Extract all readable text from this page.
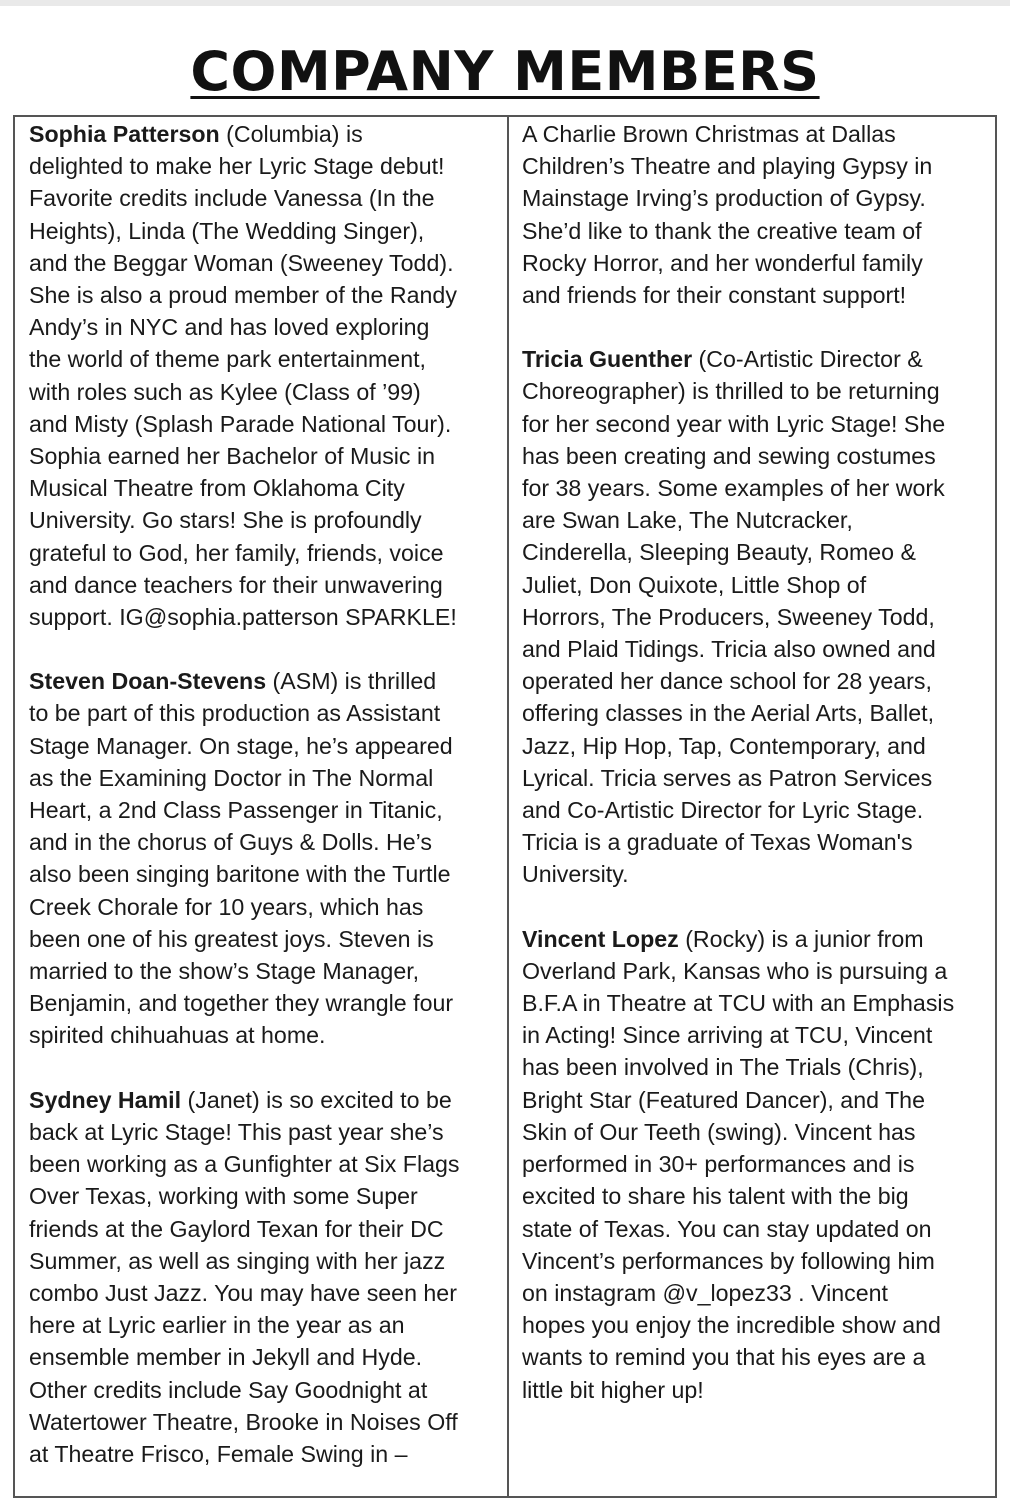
COMPANY MEMBERS
Sophia Patterson (Columbia) is
delighted to make her Lyric Stage debut!
Favorite credits include Vanessa (In the
Heights), Linda (The Wedding Singer),
and the Beggar Woman (Sweeney Todd).
She is also a proud member of the Randy
Andy’s in NYC and has loved exploring
the world of theme park entertainment,
with roles such as Kylee (Class of ’99)
and Misty (Splash Parade National Tour).
Sophia earned her Bachelor of Music in
Musical Theatre from Oklahoma City
University. Go stars! She is profoundly
grateful to God, her family, friends, voice
and dance teachers for their unwavering
support. IG@sophia.patterson SPARKLE!
Steven Doan-Stevens (ASM) is thrilled
to be part of this production as Assistant
Stage Manager. On stage, he’s appeared
as the Examining Doctor in The Normal
Heart, a 2nd Class Passenger in Titanic,
and in the chorus of Guys & Dolls. He’s
also been singing baritone with the Turtle
Creek Chorale for 10 years, which has
been one of his greatest joys. Steven is
married to the show’s Stage Manager,
Benjamin, and together they wrangle four
spirited chihuahuas at home.
Sydney Hamil (Janet) is so excited to be
back at Lyric Stage! This past year she’s
been working as a Gunfighter at Six Flags
Over Texas, working with some Super
friends at the Gaylord Texan for their DC
Summer, as well as singing with her jazz
combo Just Jazz. You may have seen her
here at Lyric earlier in the year as an
ensemble member in Jekyll and Hyde.
Other credits include Say Goodnight at
Watertower Theatre, Brooke in Noises Off
at Theatre Frisco, Female Swing in –
A Charlie Brown Christmas at Dallas
Children’s Theatre and playing Gypsy in
Mainstage Irving’s production of Gypsy.
She’d like to thank the creative team of
Rocky Horror, and her wonderful family
and friends for their constant support!
Tricia Guenther (Co-Artistic Director &
Choreographer) is thrilled to be returning
for her second year with Lyric Stage! She
has been creating and sewing costumes
for 38 years. Some examples of her work
are Swan Lake, The Nutcracker,
Cinderella, Sleeping Beauty, Romeo &
Juliet, Don Quixote, Little Shop of
Horrors, The Producers, Sweeney Todd,
and Plaid Tidings. Tricia also owned and
operated her dance school for 28 years,
offering classes in the Aerial Arts, Ballet,
Jazz, Hip Hop, Tap, Contemporary, and
Lyrical. Tricia serves as Patron Services
and Co-Artistic Director for Lyric Stage.
Tricia is a graduate of Texas Woman's
University.
Vincent Lopez (Rocky) is a junior from
Overland Park, Kansas who is pursuing a
B.F.A in Theatre at TCU with an Emphasis
in Acting! Since arriving at TCU, Vincent
has been involved in The Trials (Chris),
Bright Star (Featured Dancer), and The
Skin of Our Teeth (swing). Vincent has
performed in 30+ performances and is
excited to share his talent with the big
state of Texas. You can stay updated on
Vincent’s performances by following him
on instagram @v_lopez33 . Vincent
hopes you enjoy the incredible show and
wants to remind you that his eyes are a
little bit higher up!
